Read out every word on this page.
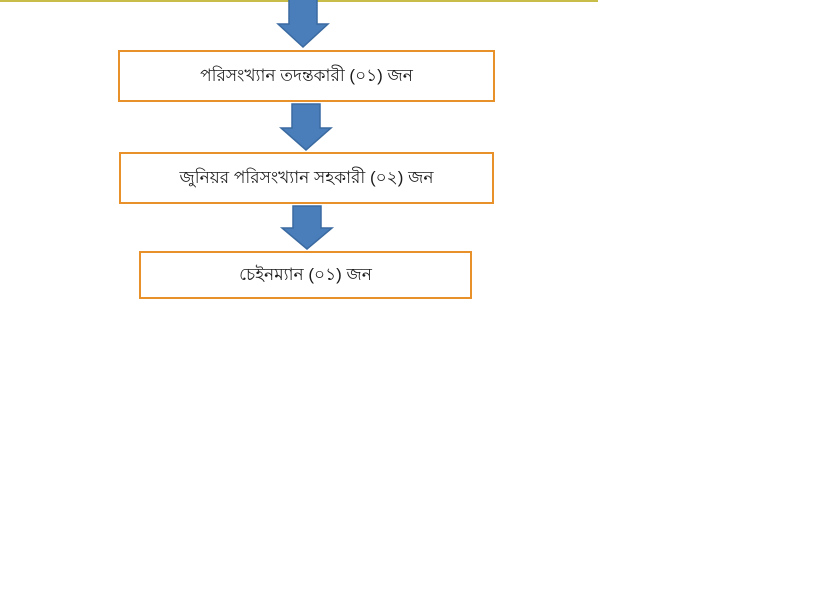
পরিসংখ্যান তদন্তকারী (০১) জন
জুনিয়র পরিসংখ্যান সহকারী (০২) জন
চেইনম্যান (০১) জন
